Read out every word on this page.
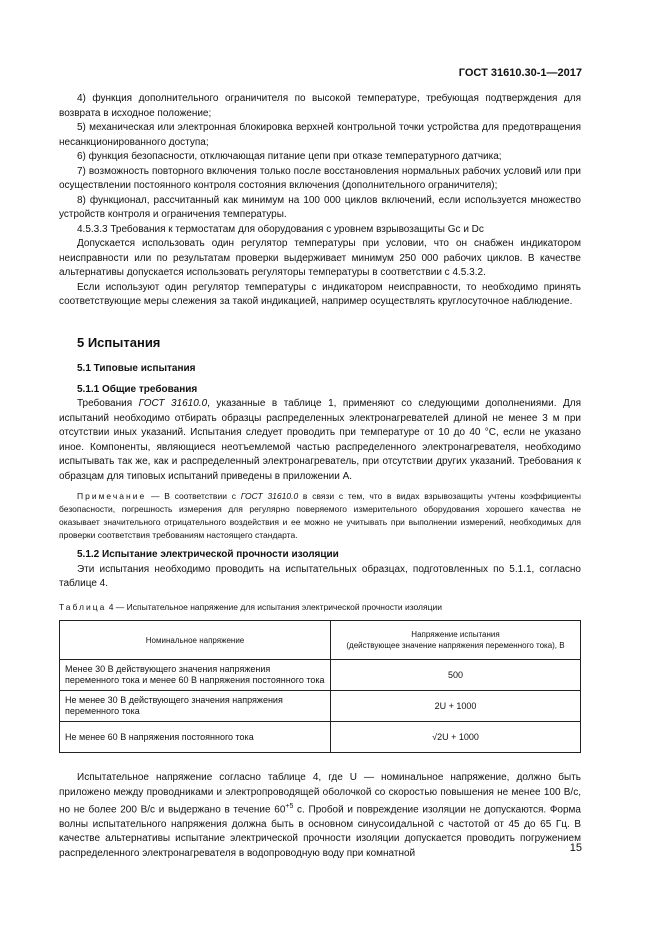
ГОСТ 31610.30-1—2017

4) функция дополнительного ограничителя по высокой температуре, требующая подтверждения для возврата в исходное положение;

5) механическая или электронная блокировка верхней контрольной точки устройства для предотвращения несанкционированного доступа;

6) функция безопасности, отключающая питание цепи при отказе температурного датчика;

7) возможность повторного включения только после восстановления нормальных рабочих условий или при осуществлении постоянного контроля состояния включения (дополнительного ограничителя);

8) функционал, рассчитанный как минимум на 100 000 циклов включений, если используется множество устройств контроля и ограничения температуры.

4.5.3.3 Требования к термостатам для оборудования с уровнем взрывозащиты Gc и Dc

Допускается использовать один регулятор температуры при условии, что он снабжен индикатором неисправности или по результатам проверки выдерживает минимум 250 000 рабочих циклов. В качестве альтернативы допускается использовать регуляторы температуры в соответствии с 4.5.3.2.

Если используют один регулятор температуры с индикатором неисправности, то необходимо принять соответствующие меры слежения за такой индикацией, например осуществлять круглосуточное наблюдение.

5 Испытания
5.1 Типовые испытания
5.1.1 Общие требования

Требования ГОСТ 31610.0, указанные в таблице 1, применяют со следующими дополнениями. Для испытаний необходимо отбирать образцы распределенных электронагревателей длиной не менее 3 м при отсутствии иных указаний. Испытания следует проводить при температуре от 10 до 40 °С, если не указано иное. Компоненты, являющиеся неотъемлемой частью распределенного электронагревателя, необходимо испытывать так же, как и распределенный электронагреватель, при отсутствии других указаний. Требования к образцам для типовых испытаний приведены в приложении А.

Примечание — В соответствии с ГОСТ 31610.0 в связи с тем, что в видах взрывозащиты учтены коэффициенты безопасности, погрешность измерения для регулярно поверяемого измерительного оборудования хорошего качества не оказывает значительного отрицательного воздействия и ее можно не учитывать при выполнении измерений, необходимых для проверки соответствия требованиям настоящего стандарта.

5.1.2 Испытание электрической прочности изоляции

Эти испытания необходимо проводить на испытательных образцах, подготовленных по 5.1.1, согласно таблице 4.

Таблица 4 — Испытательное напряжение для испытания электрической прочности изоляции
Номинальное напряжение	Напряжение испытания
(действующее значение напряжения переменного тока), В
Менее 30 В действующего значения напряжения переменного тока и менее 60 В напряжения постоянного тока	500
Не менее 30 В действующего значения напряжения переменного тока	2U + 1000
Не менее 60 В напряжения постоянного тока	√2U + 1000

Испытательное напряжение согласно таблице 4, где U — номинальное напряжение, должно быть приложено между проводниками и электропроводящей оболочкой со скоростью повышения не менее 100 В/с, но не более 200 В/с и выдержано в течение $60^{+5}$ с. Пробой и повреждение изоляции не допускаются. Форма волны испытательного напряжения должна быть в основном синусоидальной с частотой от 45 до 65 Гц. В качестве альтернативы испытание электрической прочности изоляции допускается проводить погружением распределенного электронагревателя в водопроводную воду при комнатной	15
